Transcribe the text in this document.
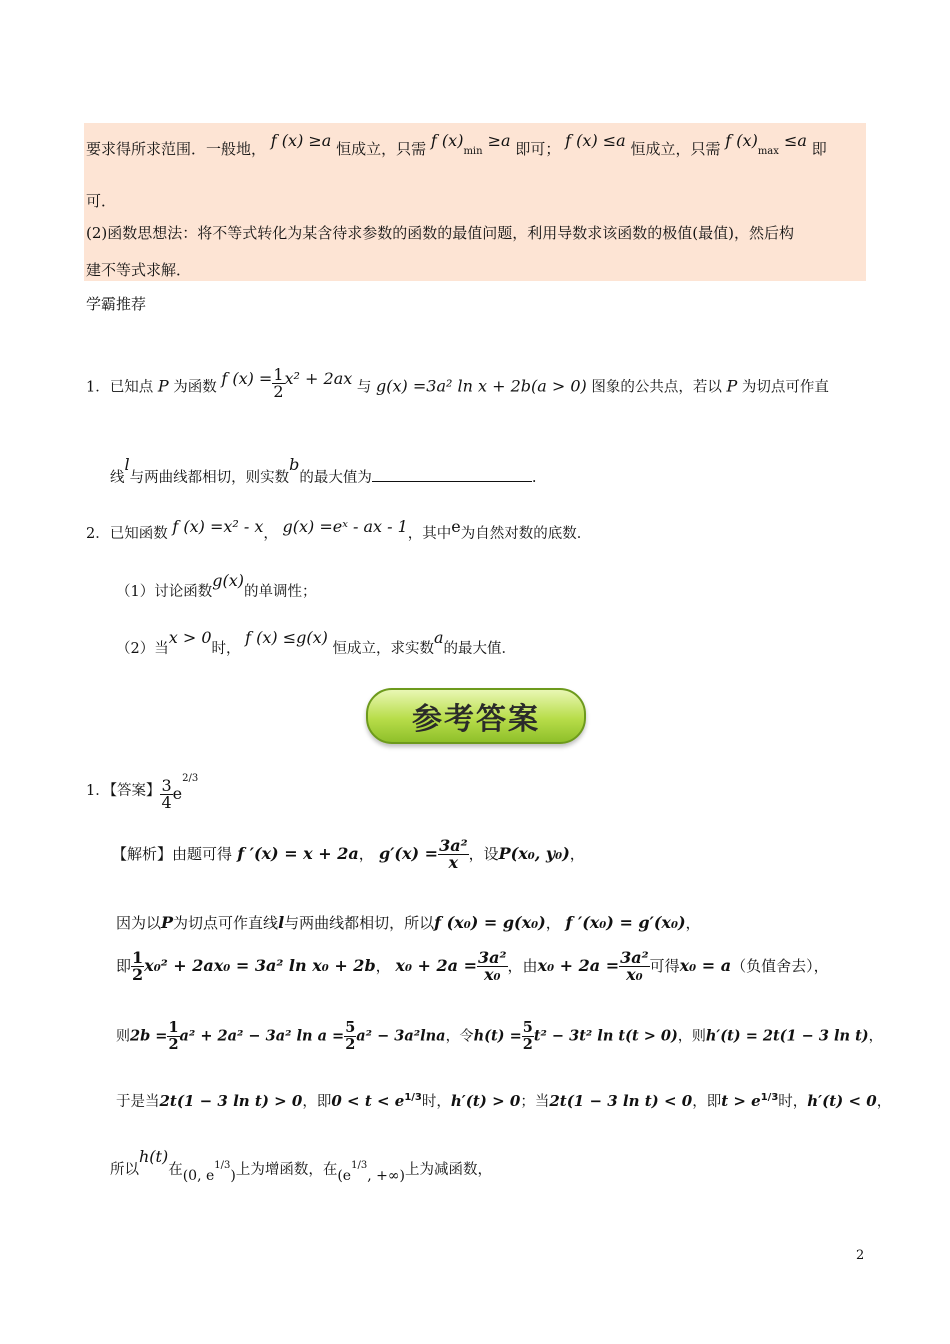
要求得所求范围．一般地， f (x) ≥a 恒成立，只需 f $(x)_{min} \ge a$ 即可； f (x) ≤a 恒成立，只需 f $(x)_{max} \le a$ 即
可．
(2)函数思想法：将不等式转化为某含待求参数的函数的最值问题，利用导数求该函数的极值(最值)，然后构
建不等式求解．
学霸推荐
1．已知点 P 为函数 f $(x) = \frac{1}{2} x^2 + 2ax$ 与 g(x) =3a² ln x + 2b(a > 0) 图象的公共点，若以 P 为切点可作直
线l与两曲线都相切，则实数b的最大值为	.
2．已知函数 f (x) =x² - x， g(x) =eˣ - ax - 1，其中e为自然对数的底数．
（1）讨论函数g(x)的单调性；
（2）当x > 0时， f (x) ≤g(x) 恒成立，求实数a的最大值．
参考答案
1．【答案】 $\frac{3}{4} e^{2/3}$
【解析】由题可得 f ′(x) = x + 2a， $g'(x) = \frac{\text{3a²}}{x}$ ，设P(x₀, y₀)，
因为以P为切点可作直线l与两曲线都相切，所以f (x₀) = g(x₀)， f ′(x₀) = g′(x₀)，
即 $\frac{1}{2} x_0^2 + 2ax_0 = 3a^2$ ln x₀ + 2b， $x_0 + 2a = \frac{\text{3a²}}{\text{x₀}}$ ，由$x_0 + 2a = \frac{\text{3a²}}{\text{x₀}}$ 可得x₀ = a（负值舍去），
则$2b = \frac{1}{2} a^2 + 2a^2 - 3a^2$ $\ln a = \frac{5}{2} a^2 - 3a^2\ln a$，令$h(t) = \frac{5}{2} t^2 - 3t^2$ ln t(t > 0)，则h′(t) = 2t(1 − 3 ln t)，
于是当2t(1 − 3 ln t) > 0，即$0 < t < e^{1/3}$时，h′(t) > 0；当2t(1 − 3 ln t) < 0，即$t > e^{1/3}$时，h′(t) < 0，
所以h(t)在(0, $e^{1/3}$)上为增函数，在($e^{1/3}$, +∞)上为减函数，
2
